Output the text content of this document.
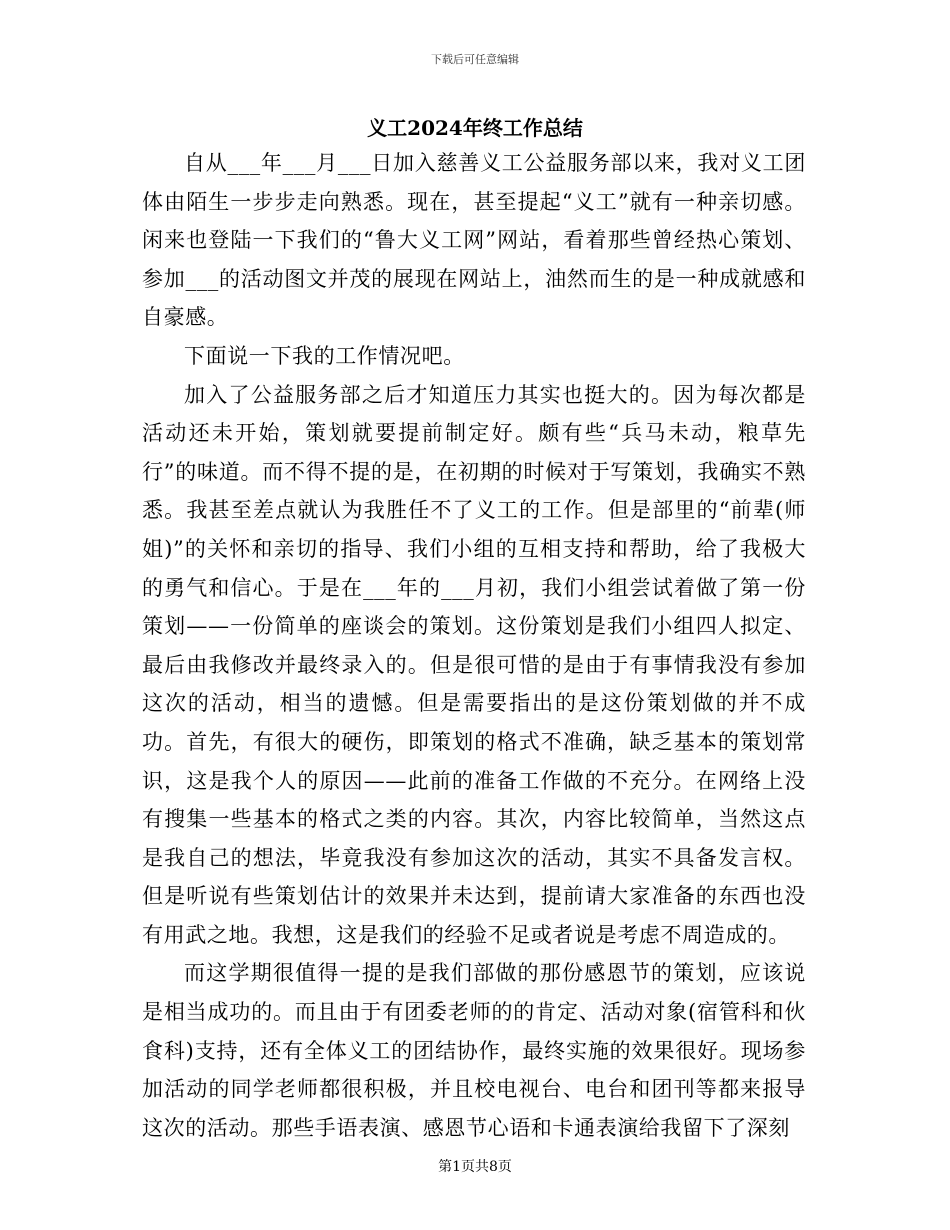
下载后可任意编辑
义工2024年终工作总结

自从___年___月___日加入慈善义工公益服务部以来，我对义工团体由陌生一步步走向熟悉。现在，甚至提起“义工”就有一种亲切感。闲来也登陆一下我们的“鲁大义工网”网站，看着那些曾经热心策划、参加___的活动图文并茂的展现在网站上，油然而生的是一种成就感和自豪感。

下面说一下我的工作情况吧。

加入了公益服务部之后才知道压力其实也挺大的。因为每次都是活动还未开始，策划就要提前制定好。颇有些“兵马未动，粮草先行”的味道。而不得不提的是，在初期的时候对于写策划，我确实不熟悉。我甚至差点就认为我胜任不了义工的工作。但是部里的“前辈(师姐)”的关怀和亲切的指导、我们小组的互相支持和帮助，给了我极大的勇气和信心。于是在___年的___月初，我们小组尝试着做了第一份策划——一份简单的座谈会的策划。这份策划是我们小组四人拟定、最后由我修改并最终录入的。但是很可惜的是由于有事情我没有参加这次的活动，相当的遗憾。但是需要指出的是这份策划做的并不成功。首先，有很大的硬伤，即策划的格式不准确，缺乏基本的策划常识，这是我个人的原因——此前的准备工作做的不充分。在网络上没有搜集一些基本的格式之类的内容。其次，内容比较简单，当然这点是我自己的想法，毕竟我没有参加这次的活动，其实不具备发言权。但是听说有些策划估计的效果并未达到，提前请大家准备的东西也没有用武之地。我想，这是我们的经验不足或者说是考虑不周造成的。

而这学期很值得一提的是我们部做的那份感恩节的策划，应该说是相当成功的。而且由于有团委老师的的肯定、活动对象(宿管科和伙食科)支持，还有全体义工的团结协作，最终实施的效果很好。现场参加活动的同学老师都很积极，并且校电视台、电台和团刊等都来报导这次的活动。那些手语表演、感恩节心语和卡通表演给我留下了深刻

第1页共8页
